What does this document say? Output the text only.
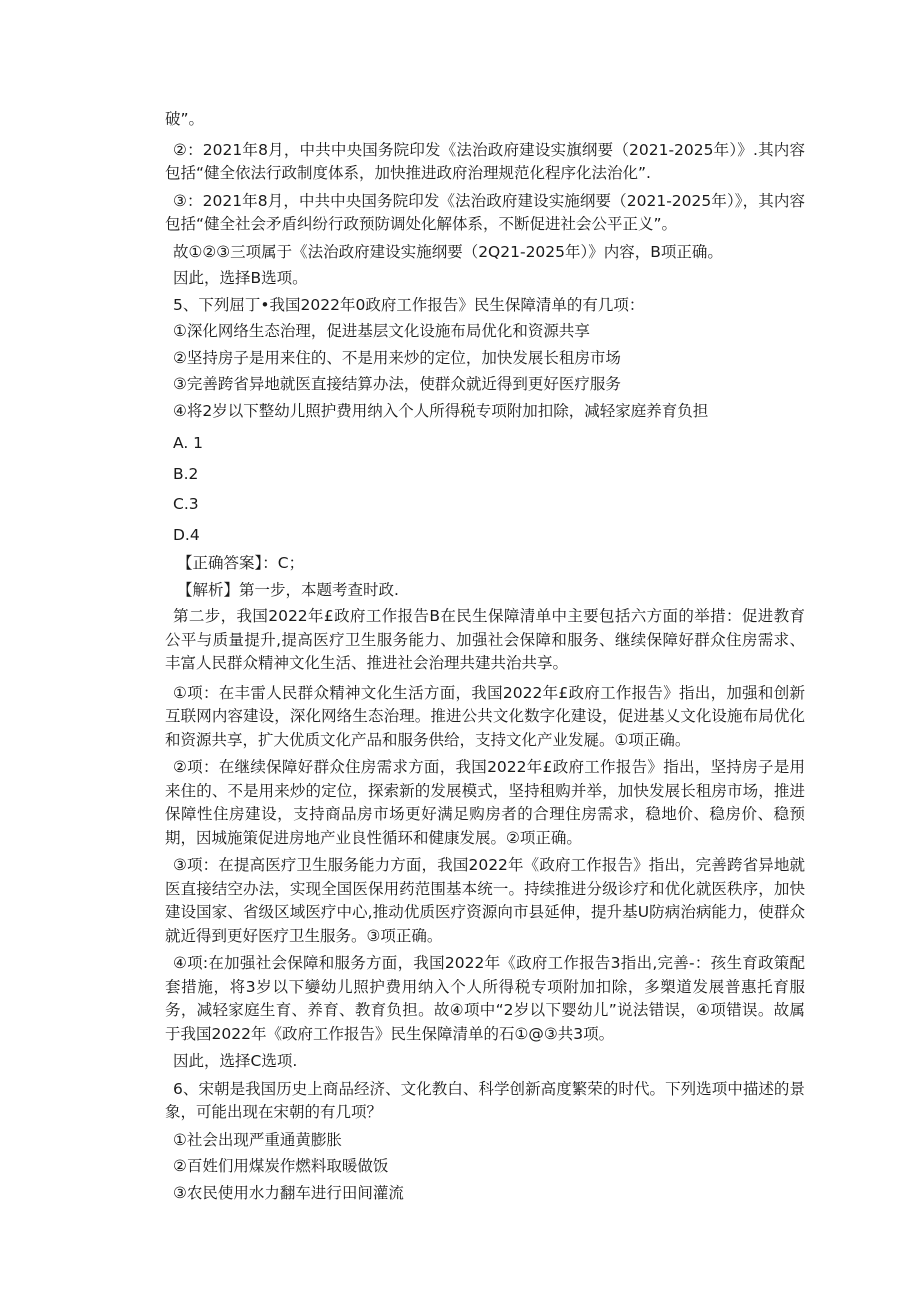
破”。

②：2021年8月，中共中央国务院印发《法治政府建设实旗纲要（2021-2025年）》.其内容包括“健全依法行政制度体系，加快推进政府治理规范化程序化法治化”.

③：2021年8月，中共中央国务院印发《法治政府建设实施纲要（2021-2025年）》，其内容包括“健全社会矛盾纠纷行政预防调处化解体系，不断促进社会公平正义”。

故①②③三项属于《法治政府建设实施纲要（2Q21-2025年）》内容，B项正确。

因此，选择B选项。

5、下列屈丁•我国2022年0政府工作报告》民生保障清单的有几项：

①深化网络生态治理，促进基层文化设施布局优化和资源共享

②坚持房子是用来住的、不是用来炒的定位，加快发展长租房市场

③完善跨省异地就医直接结算办法，使群众就近得到更好医疗服务

④将2岁以下整幼儿照护费用纳入个人所得税专项附加扣除，减轻家庭养育负担

A. 1

B.2

C.3

D.4

【正确答案】：C；

【解析】第一步，本题考查时政.

第二步，我国2022年£政府工作报告B在民生保障清单中主要包括六方面的举措：促进教育公平与质量提升,提高医疗卫生服务能力、加强社会保障和服务、继续保障好群众住房需求、丰富人民群众精神文化生活、推进社会治理共建共治共享。

①项：在丰雷人民群众精神文化生活方面，我国2022年£政府工作报告》指出，加强和创新互联网内容建设，深化网络生态治理。推进公共文化数字化建设，促进基乂文化设施布局优化和资源共享，扩大优质文化产品和服务供给，支持文化产业发屣。①项正确。

②项：在继续保障好群众住房需求方面，我国2022年£政府工作报告》指出，坚持房子是用来住的、不是用来炒的定位，探索新的发展模式，坚持租购并举，加快发展长租房市场，推进保障性住房建设，支持商品房市场更好满足购房者的合理住房需求，稳地价、稳房价、稳预期，因城施策促进房地产业良性循环和健康发展。②项正确。

③项：在提高医疗卫生服务能力方面，我国2022年《政府工作报告》指出，完善跨省异地就医直接结空办法，实现全国医保用药范围基本统一。持续推进分级诊疗和优化就医秩序，加快建设国家、省级区域医疗中心,推动优质医疗资源向市县延伸，提升基U防病治病能力，使群众就近得到更好医疗卫生服务。③项正确。

④项:在加强社会保障和服务方面，我国2022年《政府工作报告3指出,完善-：孩生育政策配套措施，将3岁以下孌幼儿照护费用纳入个人所得税专项附加扣除，多槊道发展普惠托育服务，减轻家庭生育、养育、教育负担。故④项中“2岁以下婴幼儿”说法错误，④项错误。故属于我国2022年《政府工作报告》民生保障清单的石①@③共3项。

因此，选择C选项.

6、宋朝是我国历史上商品经济、文化教白、科学创新高度繁荣的时代。下列选项中描述的景象，可能出现在宋朝的有几项？

①社会出现严重通黄膨胀

②百姓们用煤炭作燃料取暖做饭

③农民使用水力翻车进行田间灌流
